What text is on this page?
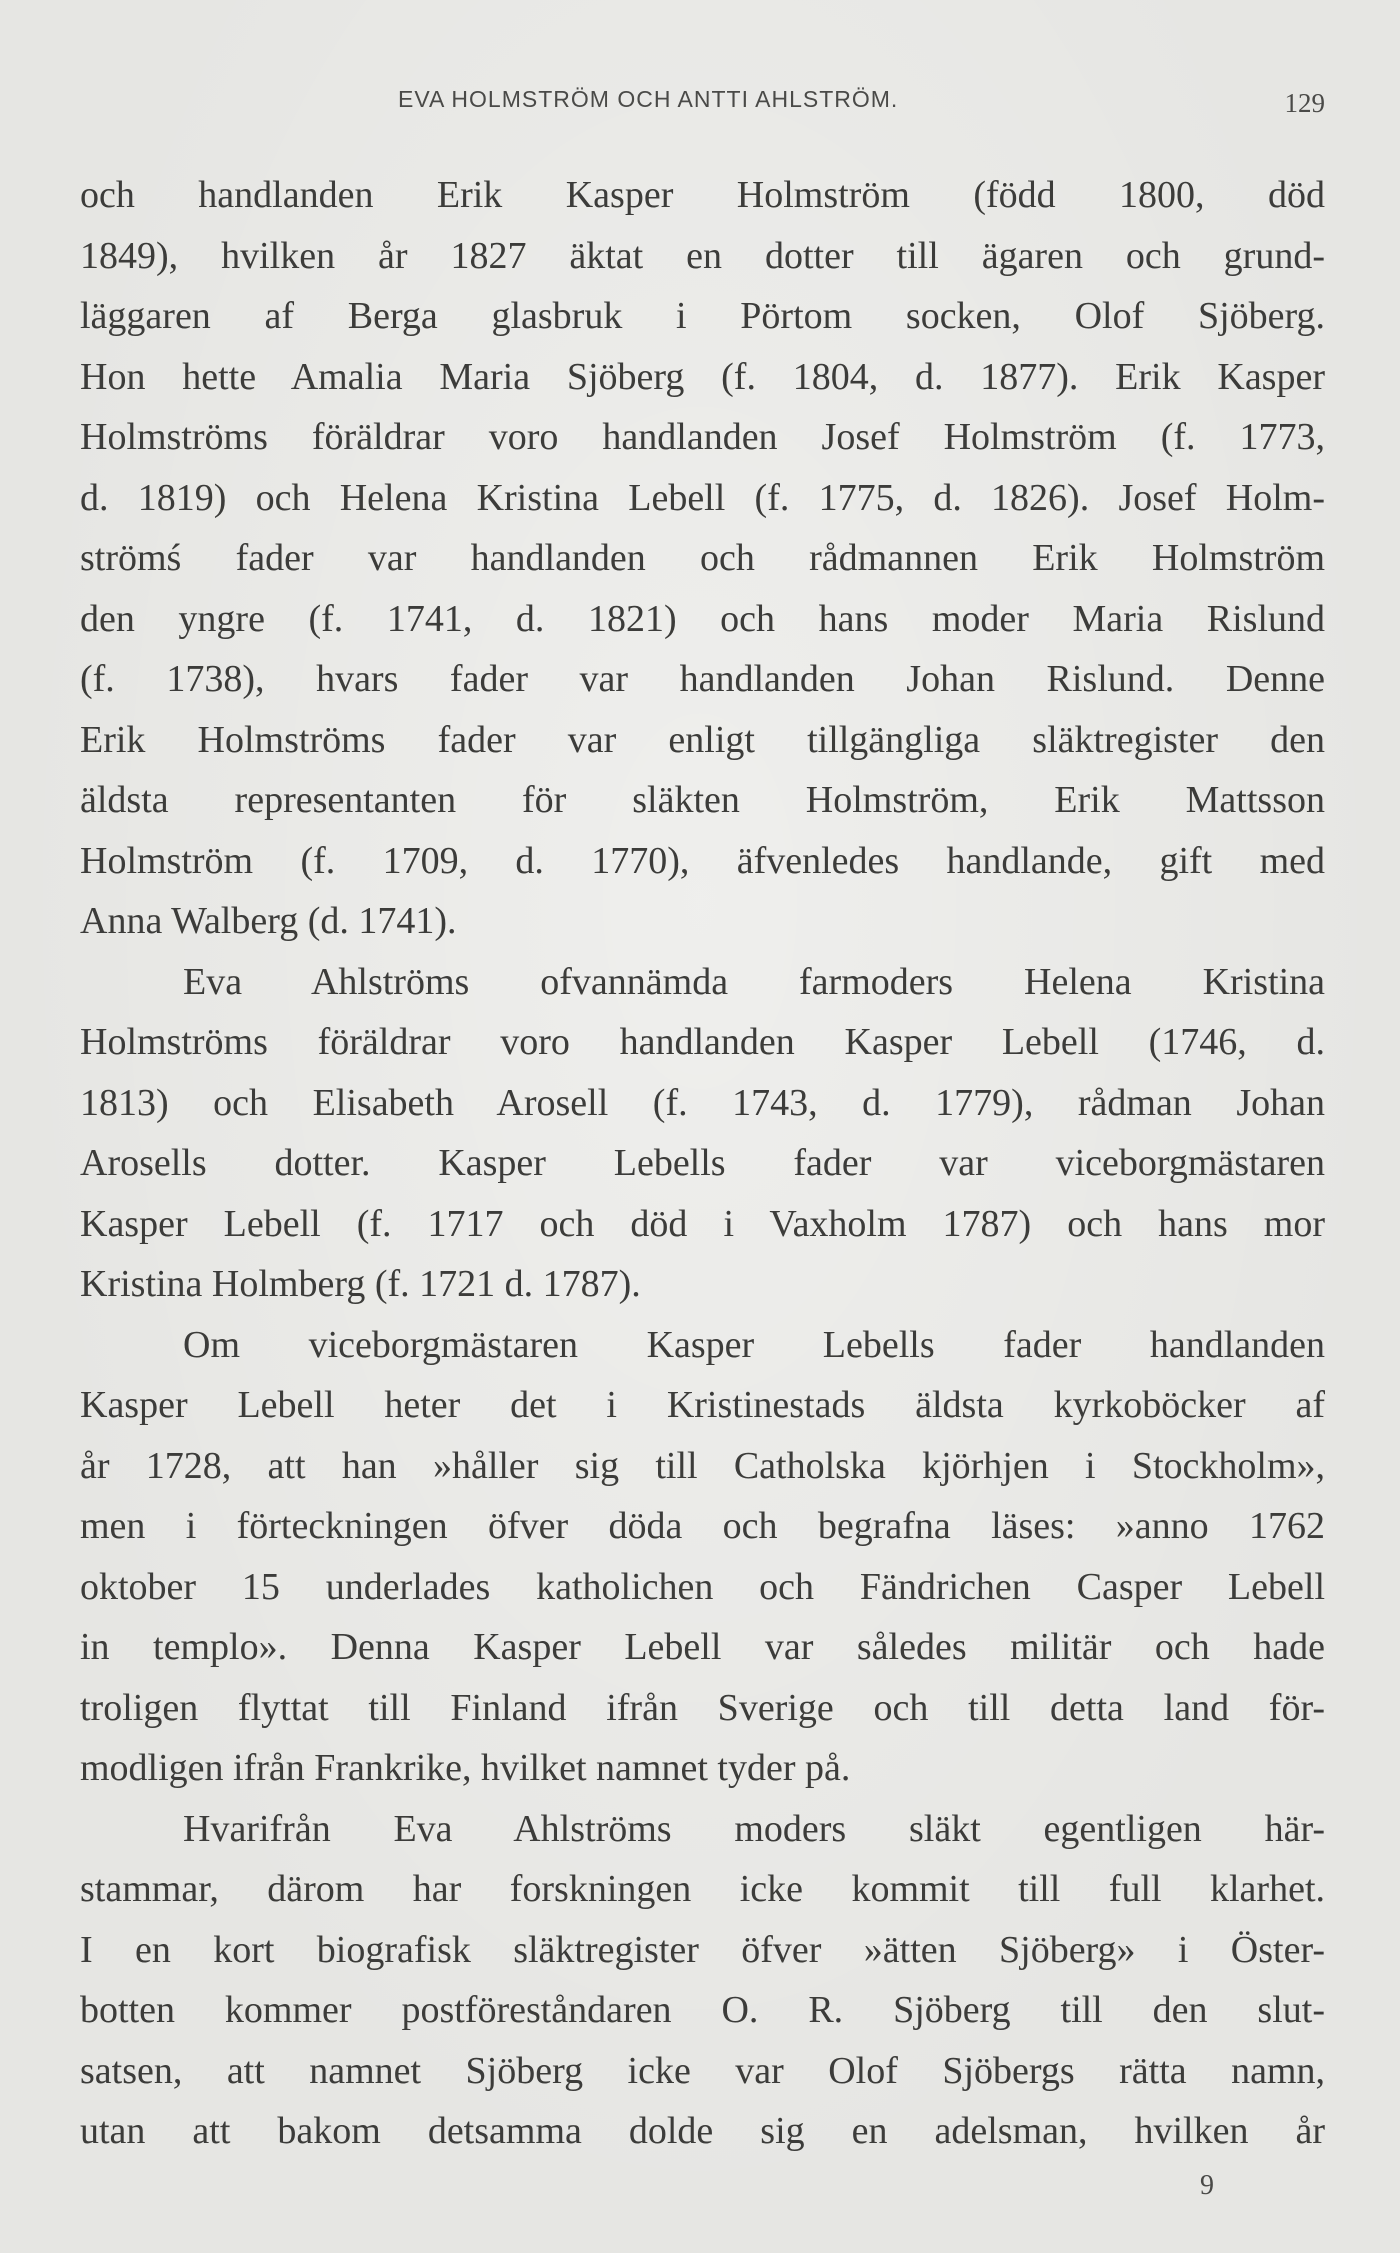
EVA HOLMSTRÖM OCH ANTTI AHLSTRÖM.	129
och handlanden Erik Kasper Holmström (född 1800, död
1849), hvilken år 1827 äktat en dotter till ägaren och grund-
läggaren af Berga glasbruk i Pörtom socken, Olof Sjöberg.
Hon hette Amalia Maria Sjöberg (f. 1804, d. 1877). Erik Kasper
Holmströms föräldrar voro handlanden Josef Holmström (f. 1773,
d. 1819) och Helena Kristina Lebell (f. 1775, d. 1826). Josef Holm-
strömś fader var handlanden och rådmannen Erik Holmström
den yngre (f. 1741, d. 1821) och hans moder Maria Rislund
(f. 1738), hvars fader var handlanden Johan Rislund. Denne
Erik Holmströms fader var enligt tillgängliga släktregister den
äldsta representanten för släkten Holmström, Erik Mattsson
Holmström (f. 1709, d. 1770), äfvenledes handlande, gift med
Anna Walberg (d. 1741).
Eva Ahlströms ofvannämda farmoders Helena Kristina
Holmströms föräldrar voro handlanden Kasper Lebell (1746, d.
1813) och Elisabeth Arosell (f. 1743, d. 1779), rådman Johan
Arosells dotter. Kasper Lebells fader var viceborgmästaren
Kasper Lebell (f. 1717 och död i Vaxholm 1787) och hans mor
Kristina Holmberg (f. 1721 d. 1787).
Om viceborgmästaren Kasper Lebells fader handlanden
Kasper Lebell heter det i Kristinestads äldsta kyrkoböcker af
år 1728, att han »håller sig till Catholska kjörhjen i Stockholm»,
men i förteckningen öfver döda och begrafna läses: »anno 1762
oktober 15 underlades katholichen och Fändrichen Casper Lebell
in templo». Denna Kasper Lebell var således militär och hade
troligen flyttat till Finland ifrån Sverige och till detta land för-
modligen ifrån Frankrike, hvilket namnet tyder på.
Hvarifrån Eva Ahlströms moders släkt egentligen här-
stammar, därom har forskningen icke kommit till full klarhet.
I en kort biografisk släktregister öfver »ätten Sjöberg» i Öster-
botten kommer postföreståndaren O. R. Sjöberg till den slut-
satsen, att namnet Sjöberg icke var Olof Sjöbergs rätta namn,
utan att bakom detsamma dolde sig en adelsman, hvilken år
9
